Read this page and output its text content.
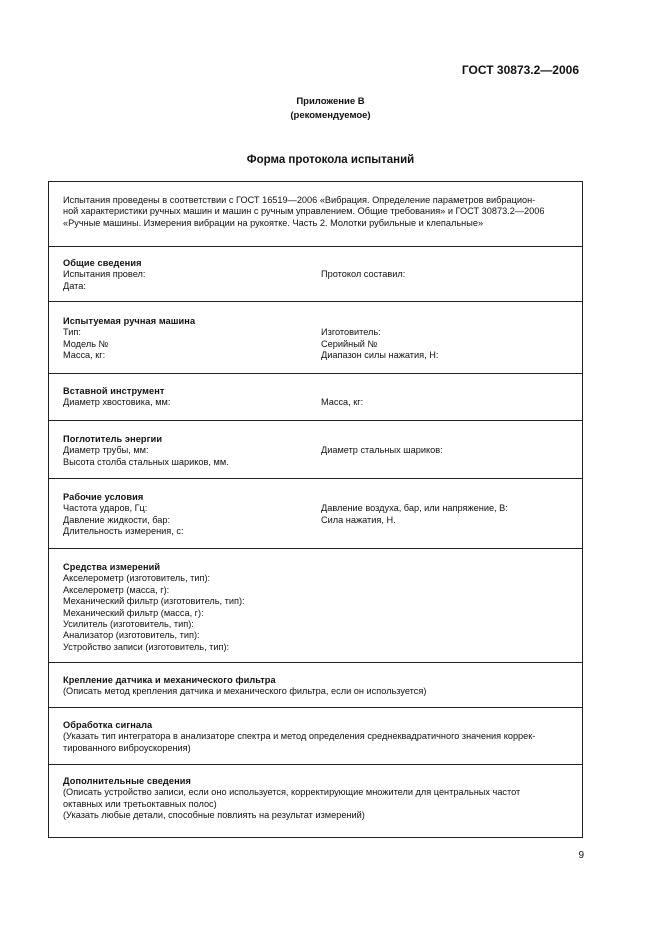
ГОСТ 30873.2—2006
Приложение В
(рекомендуемое)
Форма протокола испытаний
Испытания проведены в соответствии с ГОСТ 16519—2006 «Вибрация. Определение параметров вибрацион-
ной характеристики ручных машин и машин с ручным управлением. Общие требования» и ГОСТ 30873.2—2006
«Ручные машины. Измерения вибрации на рукоятке. Часть 2. Молотки рубильные и клепальные»
Общие сведения
Испытания провел:
Дата:
Протокол составил:
Испытуемая ручная машина
Тип:
Модель №
Масса, кг:
Изготовитель:
Серийный №
Диапазон силы нажатия, Н:
Вставной инструмент
Диаметр хвостовика, мм:	Масса, кг:
Поглотитель энергии
Диаметр трубы, мм:
Высота столба стальных шариков, мм.
Диаметр стальных шариков:
Рабочие условия
Частота ударов, Гц:
Давление жидкости, бар:
Длительность измерения, с:
Давление воздуха, бар, или напряжение, В:
Сила нажатия, Н.
Средства измерений
Акселерометр (изготовитель, тип):
Акселерометр (масса, г):
Механический фильтр (изготовитель, тип):
Механический фильтр (масса, г):
Усилитель (изготовитель, тип):
Анализатор (изготовитель, тип):
Устройство записи (изготовитель, тип):
Крепление датчика и механического фильтра
(Описать метод крепления датчика и механического фильтра, если он используется)
Обработка сигнала
(Указать тип интегратора в анализаторе спектра и метод определения среднеквадратичного значения коррек-
тированного виброускорения)
Дополнительные сведения
(Описать устройство записи, если оно используется, корректирующие множители для центральных частот
октавных или третьоктавных полос)
(Указать любые детали, способные повлиять на результат измерений)
9
